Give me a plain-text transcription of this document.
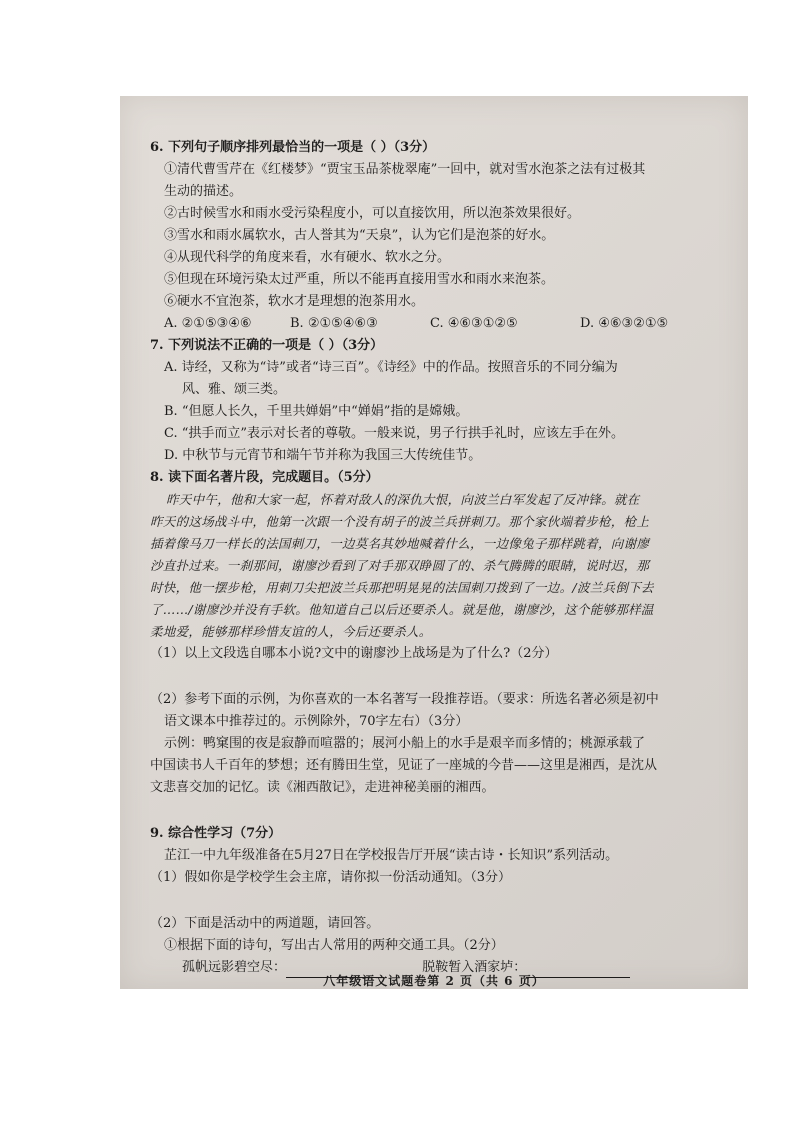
6. 下列句子顺序排列最恰当的一项是（ ）（3分）
①清代曹雪芹在《红楼梦》“贾宝玉品茶栊翠庵”一回中，就对雪水泡茶之法有过极其
生动的描述。
②古时候雪水和雨水受污染程度小，可以直接饮用，所以泡茶效果很好。
③雪水和雨水属软水，古人誉其为“天泉”，认为它们是泡茶的好水。
④从现代科学的角度来看，水有硬水、软水之分。
⑤但现在环境污染太过严重，所以不能再直接用雪水和雨水来泡茶。
⑥硬水不宜泡茶，软水才是理想的泡茶用水。
A. ②①⑤③④⑥	B. ②①⑤④⑥③	C. ④⑥③①②⑤	D. ④⑥③②①⑤
7. 下列说法不正确的一项是（ ）（3分）
A. 诗经，又称为“诗”或者“诗三百”。《诗经》中的作品。按照音乐的不同分编为
风、雅、颂三类。
B. “但愿人长久，千里共婵娟”中“婵娟”指的是嫦娥。
C. “拱手而立”表示对长者的尊敬。一般来说，男子行拱手礼时，应该左手在外。
D. 中秋节与元宵节和端午节并称为我国三大传统佳节。
8. 读下面名著片段，完成题目。（5分）
昨天中午，他和大家一起，怀着对敌人的深仇大恨，向波兰白军发起了反冲锋。就在
昨天的这场战斗中，他第一次跟一个没有胡子的波兰兵拼刺刀。那个家伙端着步枪，枪上
插着像马刀一样长的法国刺刀，一边莫名其妙地喊着什么，一边像兔子那样跳着，向谢廖
沙直扑过来。一刹那间，谢廖沙看到了对手那双睁圆了的、杀气腾腾的眼睛，说时迟，那
时快，他一摆步枪，用刺刀尖把波兰兵那把明晃晃的法国刺刀拨到了一边。/波兰兵倒下去
了……/谢廖沙并没有手软。他知道自己以后还要杀人。就是他，谢廖沙，这个能够那样温
柔地爱，能够那样珍惜友谊的人，今后还要杀人。
（1）以上文段选自哪本小说?文中的谢廖沙上战场是为了什么?（2分）
（2）参考下面的示例，为你喜欢的一本名著写一段推荐语。（要求：所选名著必须是初中
语文课本中推荐过的。示例除外，70字左右）（3分）
示例：鸭窠围的夜是寂静而喧嚣的；展河小船上的水手是艰辛而多情的；桃源承载了
中国读书人千百年的梦想；还有腾田生堂，见证了一座城的今昔——这里是湘西，是沈从
文悲喜交加的记忆。读《湘西散记》，走进神秘美丽的湘西。
9. 综合性学习（7分）
芷江一中九年级准备在5月27日在学校报告厅开展“读古诗・长知识”系列活动。
（1）假如你是学校学生会主席，请你拟一份活动通知。（3分）
（2）下面是活动中的两道题，请回答。
①根据下面的诗句，写出古人常用的两种交通工具。（2分）
孤帆远影碧空尽：	脱鞍暂入酒家垆：
八年级语文试题卷第 2 页（共 6 页）
